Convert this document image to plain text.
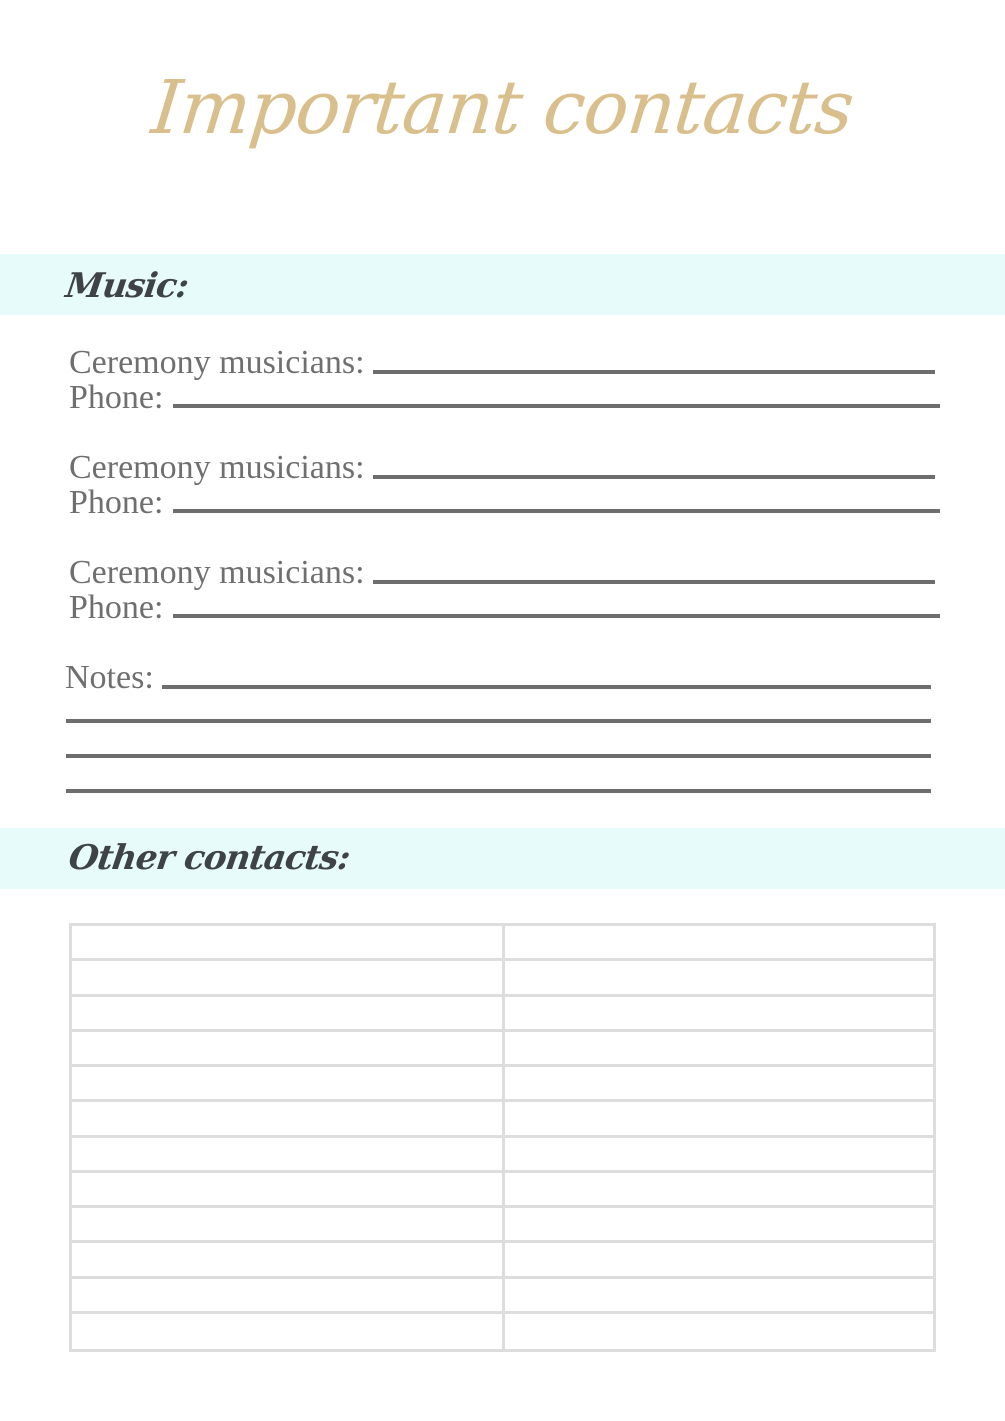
Important contacts
Music:
Ceremony musicians:
Phone:
Ceremony musicians:
Phone:
Ceremony musicians:
Phone:
Notes:
Other contacts:
